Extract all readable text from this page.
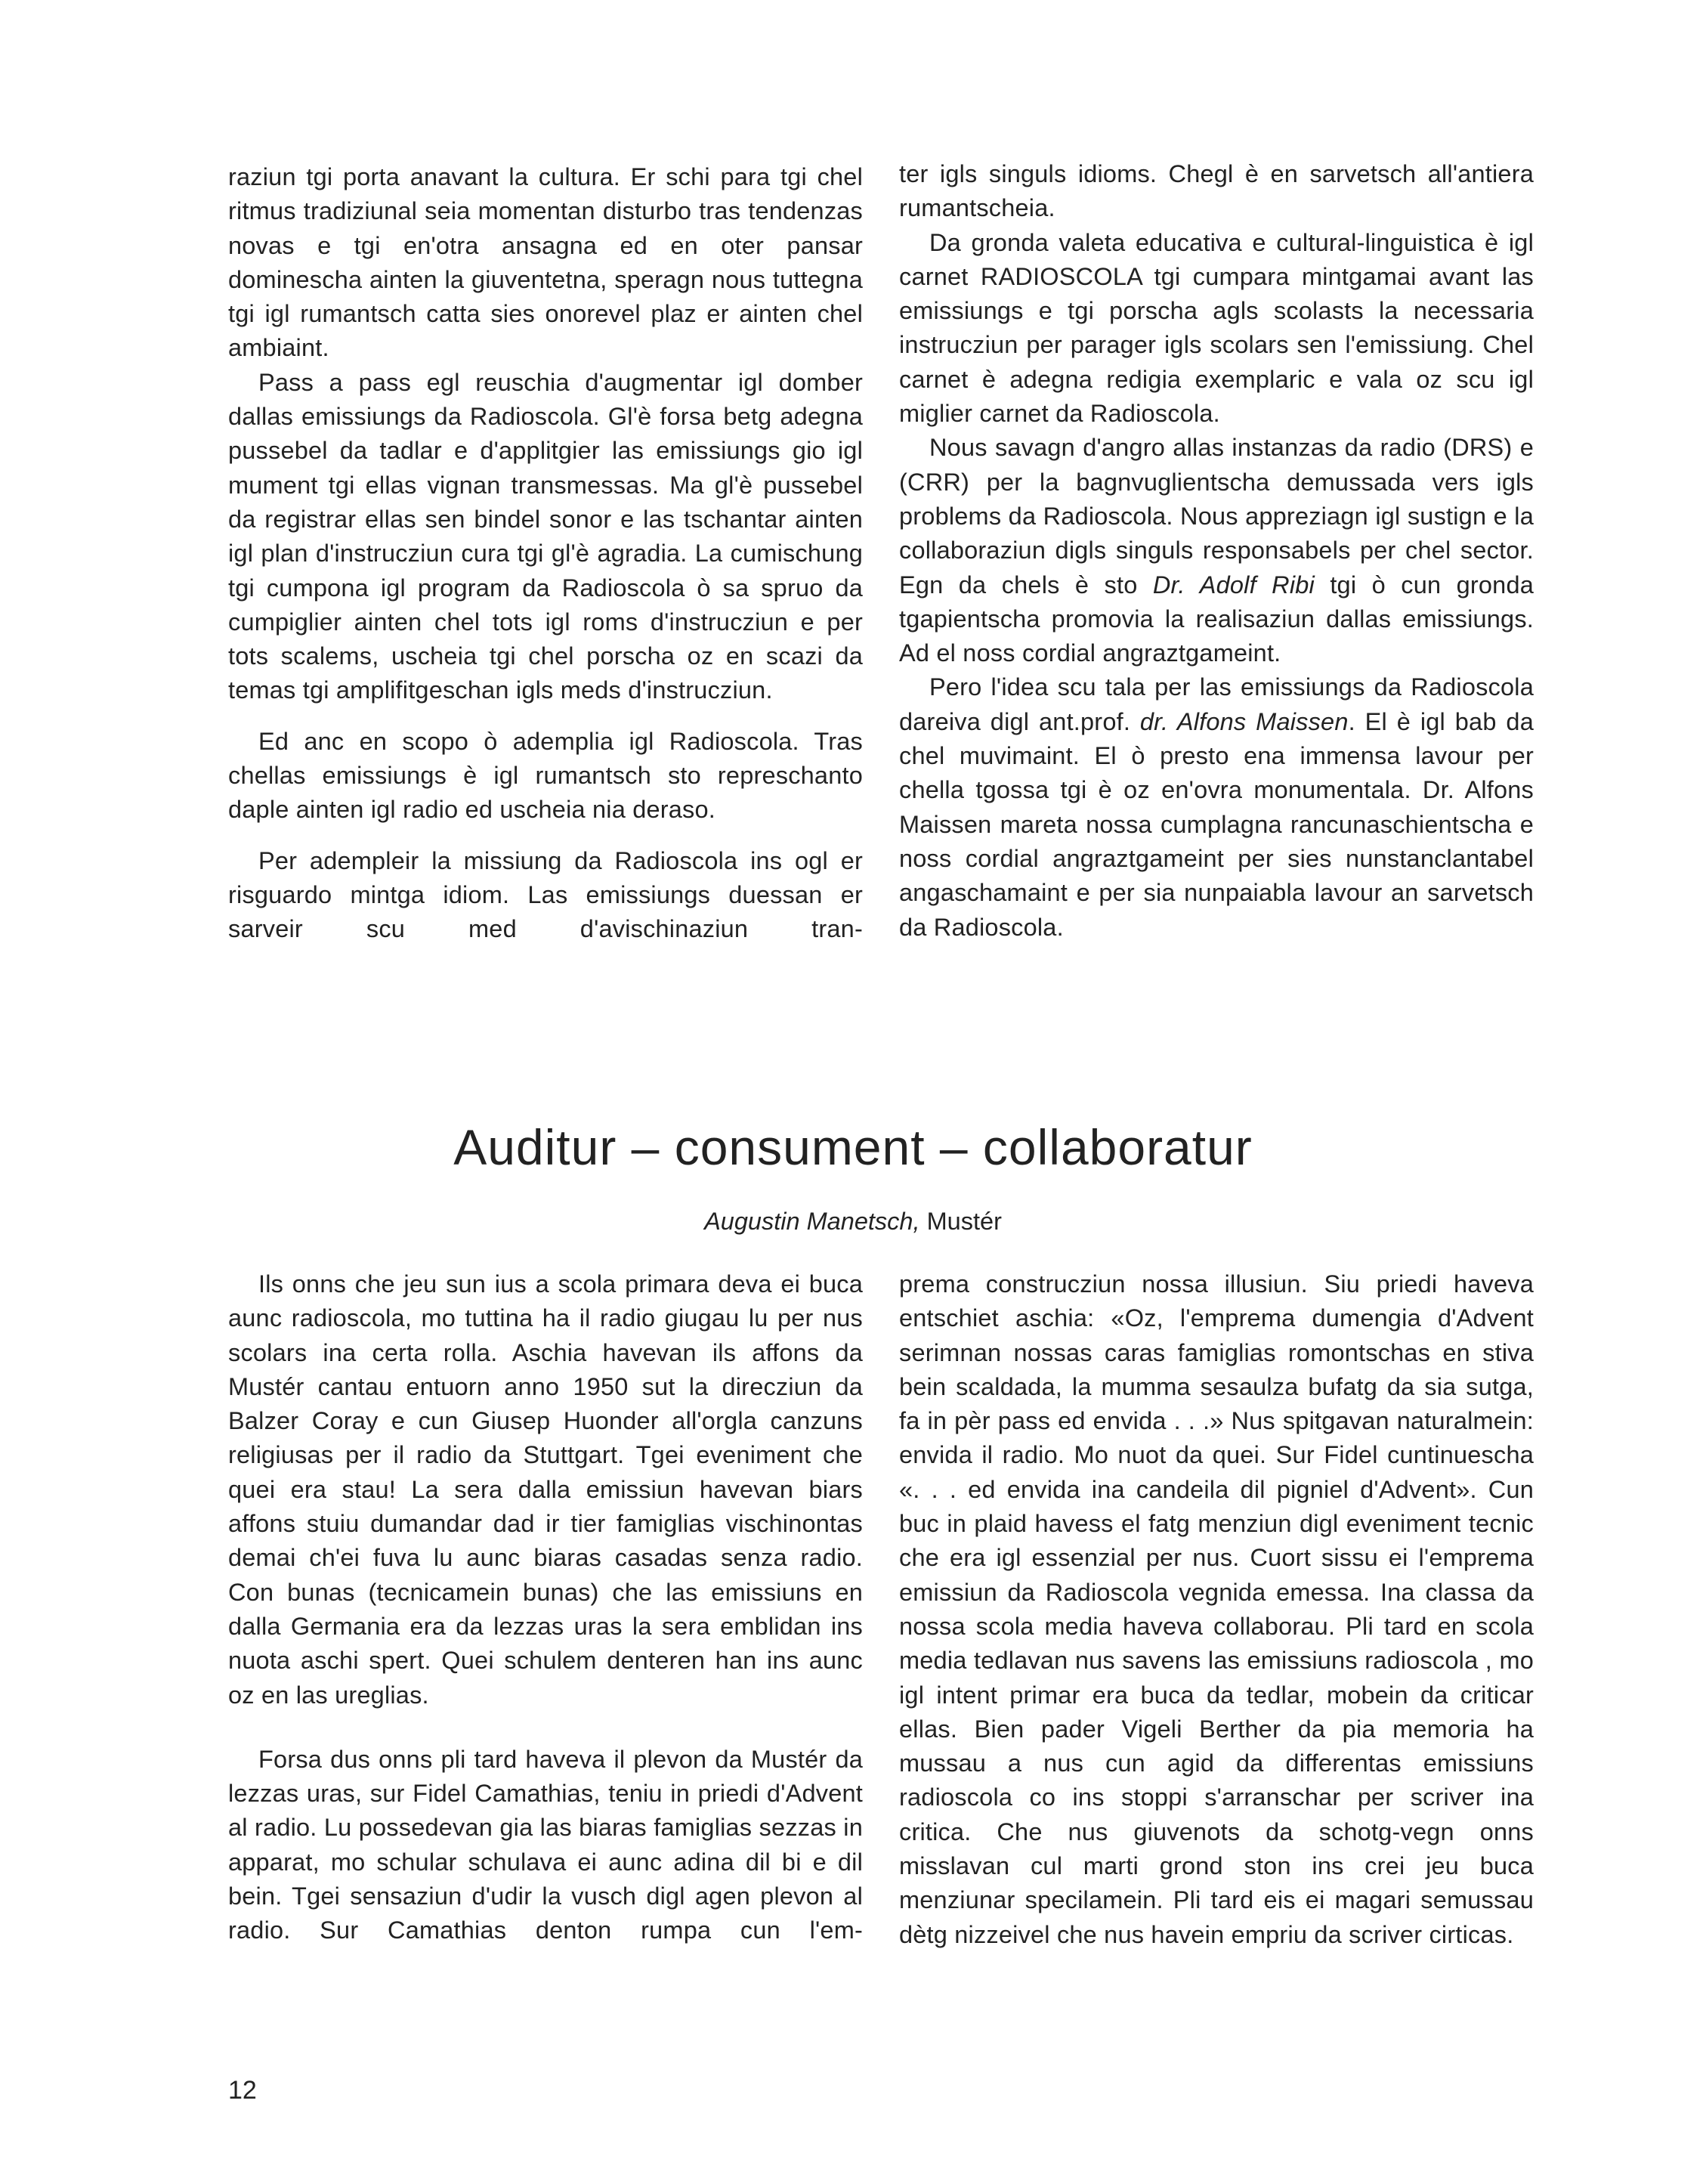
raziun tgi porta anavant la cultura. Er schi para tgi chel ritmus tradiziunal seia momentan disturbo tras tendenzas novas e tgi en'otra ansagna ed en oter pansar dominescha ainten la giuventetna, speragn nous tuttegna tgi igl rumantsch catta sies onorevel plaz er ainten chel ambiaint.

Pass a pass egl reuschia d'augmentar igl domber dallas emissiungs da Radioscola. Gl'è forsa betg adegna pussebel da tadlar e d'applitgier las emissiungs gio igl mument tgi ellas vignan transmessas. Ma gl'è pussebel da registrar ellas sen bindel sonor e las tschantar ainten igl plan d'instrucziun cura tgi gl'è agradia. La cumischung tgi cumpona igl program da Radioscola ò sa spruo da cumpiglier ainten chel tots igl roms d'instrucziun e per tots scalems, uscheia tgi chel porscha oz en scazi da temas tgi amplifitgeschan igls meds d'instrucziun.

Ed anc en scopo ò ademplia igl Radioscola. Tras chellas emissiungs è igl rumantsch sto represchanto daple ainten igl radio ed uscheia nia deraso.

Per adempleir la missiung da Radioscola ins ogl er risguardo mintga idiom. Las emissiungs duessan er sarveir scu med d'avischinaziun tran-

ter igls singuls idioms. Chegl è en sarvetsch all'antiera rumantscheia.

Da gronda valeta educativa e cultural-linguistica è igl carnet RADIOSCOLA tgi cumpara mintgamai avant las emissiungs e tgi porscha agls scolasts la necessaria instrucziun per parager igls scolars sen l'emissiung. Chel carnet è adegna redigia exemplaric e vala oz scu igl miglier carnet da Radioscola.

Nous savagn d'angro allas instanzas da radio (DRS) e (CRR) per la bagnvuglientscha demussada vers igls problems da Radioscola. Nous appreziagn igl sustign e la collaboraziun digls singuls responsabels per chel sector. Egn da chels è sto Dr. Adolf Ribi tgi ò cun gronda tgapientscha promovia la realisaziun dallas emissiungs. Ad el noss cordial angraztgameint.

Pero l'idea scu tala per las emissiungs da Radioscola dareiva digl ant.prof. dr. Alfons Maissen. El è igl bab da chel muvimaint. El ò presto ena immensa lavour per chella tgossa tgi è oz en'ovra monumentala. Dr. Alfons Maissen mareta nossa cumplagna rancunaschientscha e noss cordial angraztgameint per sies nunstanclantabel angaschamaint e per sia nunpaiabla lavour an sarvetsch da Radioscola.

Auditur – consument – collaboratur
Augustin Manetsch, Mustér

Ils onns che jeu sun ius a scola primara deva ei buca aunc radioscola, mo tuttina ha il radio giugau lu per nus scolars ina certa rolla. Aschia havevan ils affons da Mustér cantau entuorn anno 1950 sut la direcziun da Balzer Coray e cun Giusep Huonder all'orgla canzuns religiusas per il radio da Stuttgart. Tgei eveniment che quei era stau! La sera dalla emissiun havevan biars affons stuiu dumandar dad ir tier famiglias vischinontas demai ch'ei fuva lu aunc biaras casadas senza radio. Con bunas (tecnicamein bunas) che las emissiuns en dalla Germania era da lezzas uras la sera emblidan ins nuota aschi spert. Quei schulem denteren han ins aunc oz en las ureglias.

Forsa dus onns pli tard haveva il plevon da Mustér da lezzas uras, sur Fidel Camathias, teniu in priedi d'Advent al radio. Lu possedevan gia las biaras famiglias sezzas in apparat, mo schular schulava ei aunc adina dil bi e dil bein. Tgei sensaziun d'udir la vusch digl agen plevon al radio. Sur Camathias denton rumpa cun l'em-

prema construcziun nossa illusiun. Siu priedi haveva entschiet aschia: «Oz, l'emprema dumengia d'Advent serimnan nossas caras famiglias romontschas en stiva bein scaldada, la mumma sesaulza bufatg da sia sutga, fa in pèr pass ed envida . . .» Nus spitgavan naturalmein: envida il radio. Mo nuot da quei. Sur Fidel cuntinuescha «. . . ed envida ina candeila dil pigniel d'Advent». Cun buc in plaid havess el fatg menziun digl eveniment tecnic che era igl essenzial per nus. Cuort sissu ei l'emprema emissiun da Radioscola vegnida emessa. Ina classa da nossa scola media haveva collaborau. Pli tard en scola media tedlavan nus savens las emissiuns radioscola , mo igl intent primar era buca da tedlar, mobein da criticar ellas. Bien pader Vigeli Berther da pia memoria ha mussau a nus cun agid da differentas emissiuns radioscola co ins stoppi s'arranschar per scriver ina critica. Che nus giuvenots da schotg-vegn onns misslavan cul marti grond ston ins crei jeu buca menziunar specilamein. Pli tard eis ei magari semussau dètg nizzeivel che nus havein empriu da scriver cirticas.

12
